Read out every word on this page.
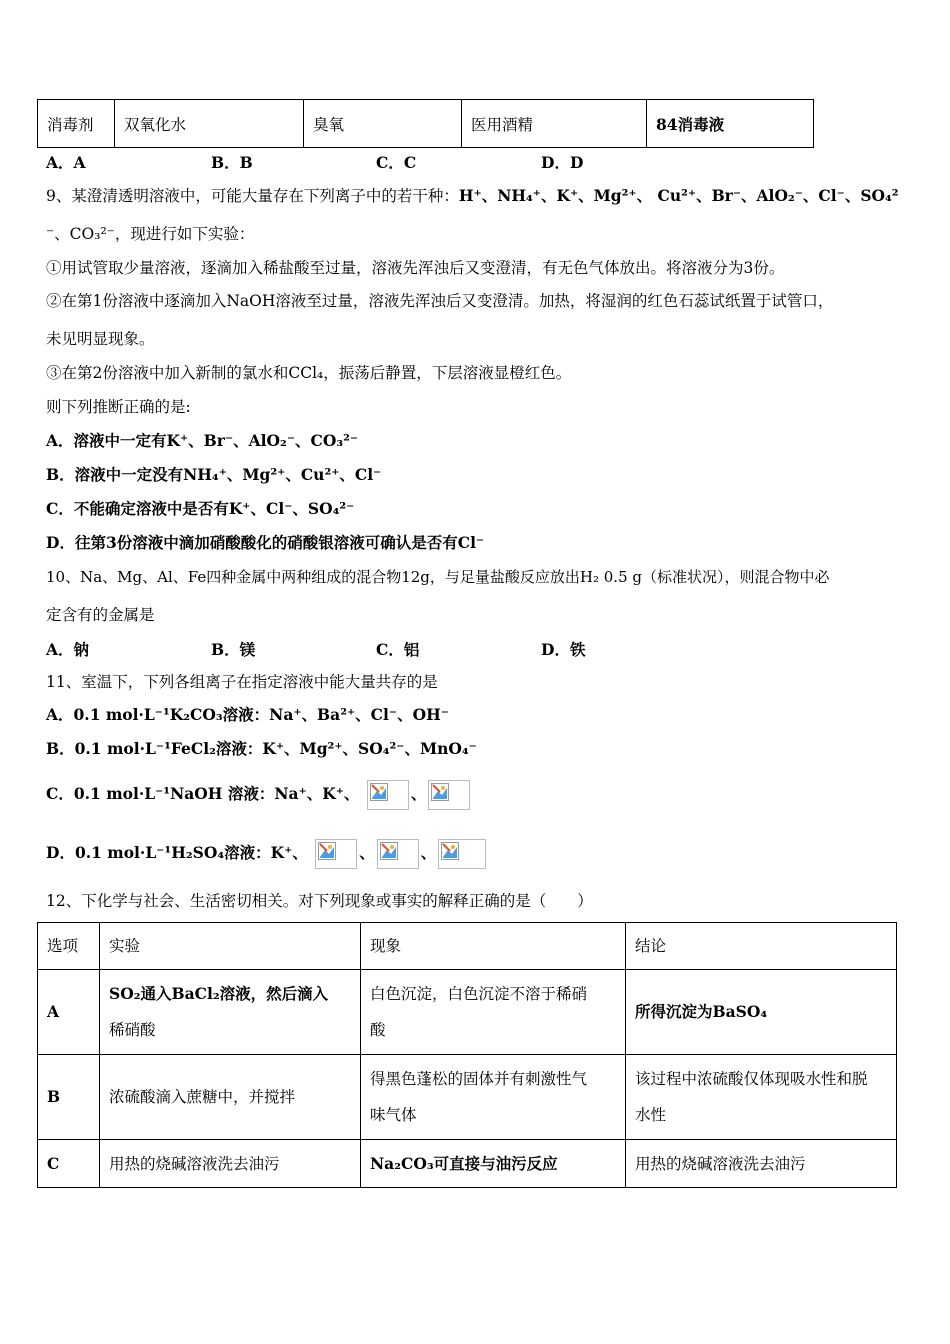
消毒剂	双氧化水	臭氧	医用酒精	84消毒液
A．A	B．B	C．C	D．D
9、某澄清透明溶液中，可能大量存在下列离子中的若干种：H⁺、NH₄⁺、K⁺、Mg²⁺、 Cu²⁺、Br⁻、AlO₂⁻、Cl⁻、SO₄²
⁻、CO₃²⁻，现进行如下实验：
①用试管取少量溶液，逐滴加入稀盐酸至过量，溶液先浑浊后又变澄清，有无色气体放出。将溶液分为3份。
②在第1份溶液中逐滴加入NaOH溶液至过量，溶液先浑浊后又变澄清。加热，将湿润的红色石蕊试纸置于试管口，
未见明显现象。
③在第2份溶液中加入新制的氯水和CCl₄，振荡后静置，下层溶液显橙红色。
则下列推断正确的是:
A．溶液中一定有K⁺、Br⁻、AlO₂⁻、CO₃²⁻
B．溶液中一定没有NH₄⁺、Mg²⁺、Cu²⁺、Cl⁻
C．不能确定溶液中是否有K⁺、Cl⁻、SO₄²⁻
D．往第3份溶液中滴加硝酸酸化的硝酸银溶液可确认是否有Cl⁻
10、Na、Mg、Al、Fe四种金属中两种组成的混合物12g，与足量盐酸反应放出H₂ 0.5 g（标准状况），则混合物中必
定含有的金属是
A．钠	B．镁	C．铝	D．铁
11、室温下，下列各组离子在指定溶液中能大量共存的是
A．0.1 mol·L⁻¹K₂CO₃溶液：Na⁺、Ba²⁺、Cl⁻、OH⁻
B．0.1 mol·L⁻¹FeCl₂溶液：K⁺、Mg²⁺、SO₄²⁻、MnO₄⁻
C．0.1 mol·L⁻¹NaOH 溶液：Na⁺、K⁺、	、
D．0.1 mol·L⁻¹H₂SO₄溶液：K⁺、	、	、
12、下化学与社会、生活密切相关。对下列现象或事实的解释正确的是（　　）
选项	实验	现象	结论
A	SO₂通入BaCl₂溶液，然后滴入
稀硝酸	白色沉淀，白色沉淀不溶于稀硝
酸	所得沉淀为BaSO₄
B	浓硫酸滴入蔗糖中，并搅拌	得黑色蓬松的固体并有刺激性气
味气体	该过程中浓硫酸仅体现吸水性和脱
水性
C	用热的烧碱溶液洗去油污	Na₂CO₃可直接与油污反应	用热的烧碱溶液洗去油污
